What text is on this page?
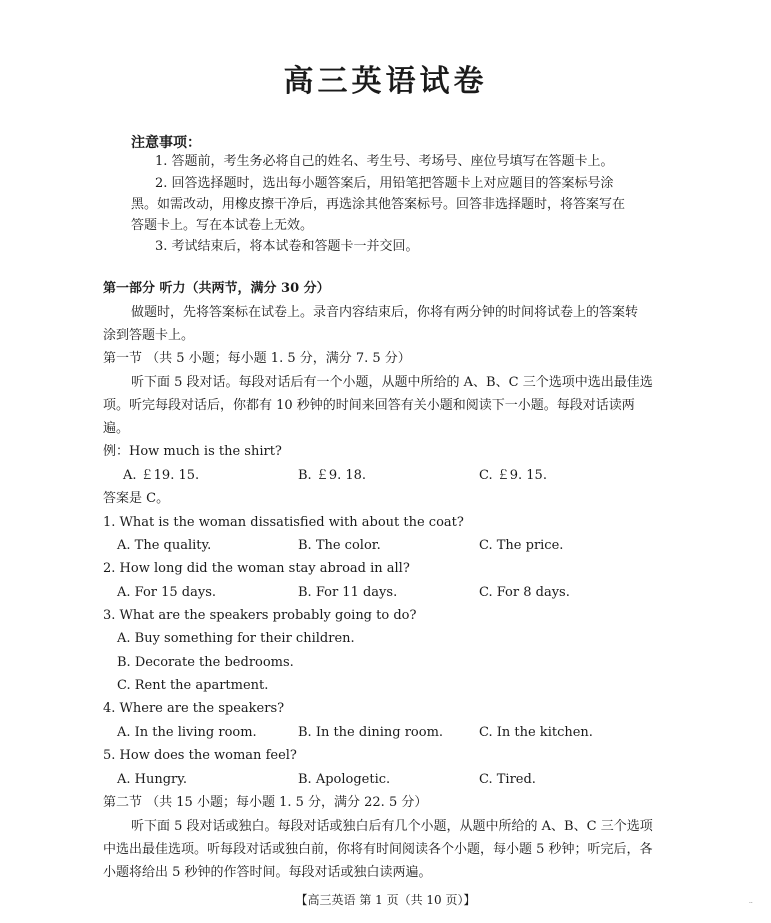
高三英语试卷
注意事项：
1. 答题前，考生务必将自己的姓名、考生号、考场号、座位号填写在答题卡上。
2. 回答选择题时，选出每小题答案后，用铅笔把答题卡上对应题目的答案标号涂
黑。如需改动，用橡皮擦干净后，再选涂其他答案标号。回答非选择题时，将答案写在
答题卡上。写在本试卷上无效。
3. 考试结束后，将本试卷和答题卡一并交回。
第一部分 听力（共两节，满分 30 分）
做题时，先将答案标在试卷上。录音内容结束后，你将有两分钟的时间将试卷上的答案转
涂到答题卡上。
第一节 （共 5 小题；每小题 1. 5 分，满分 7. 5 分）
听下面 5 段对话。每段对话后有一个小题，从题中所给的 A、B、C 三个选项中选出最佳选
项。听完每段对话后，你都有 10 秒钟的时间来回答有关小题和阅读下一小题。每段对话读两
遍。
例：How much is the shirt?
A. ￡19. 15.	B. ￡9. 18.	C. ￡9. 15.
答案是 C。
1. What is the woman dissatisfied with about the coat?
A. The quality.	B. The color.	C. The price.
2. How long did the woman stay abroad in all?
A. For 15 days.	B. For 11 days.	C. For 8 days.
3. What are the speakers probably going to do?
A. Buy something for their children.
B. Decorate the bedrooms.
C. Rent the apartment.
4. Where are the speakers?
A. In the living room.	B. In the dining room.	C. In the kitchen.
5. How does the woman feel?
A. Hungry.	B. Apologetic.	C. Tired.
第二节 （共 15 小题；每小题 1. 5 分，满分 22. 5 分）
听下面 5 段对话或独白。每段对话或独白后有几个小题，从题中所给的 A、B、C 三个选项
中选出最佳选项。听每段对话或独白前，你将有时间阅读各个小题，每小题 5 秒钟；听完后，各
小题将给出 5 秒钟的作答时间。每段对话或独白读两遍。
【高三英语 第 1 页（共 10 页）】	··
